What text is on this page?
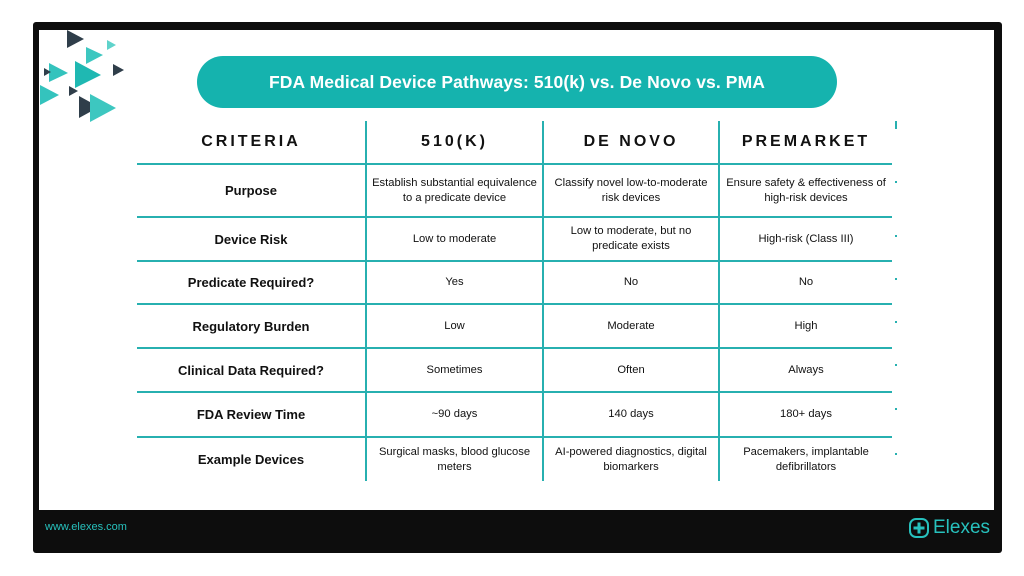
FDA Medical Device Pathways: 510(k) vs. De Novo vs. PMA
CRITERIA	510(K)	DE NOVO	PREMARKET
Purpose	Establish substantial equivalence to a predicate device	Classify novel low-to-moderate risk devices	Ensure safety & effectiveness of high-risk devices
Device Risk	Low to moderate	Low to moderate, but no predicate exists	High-risk (Class III)
Predicate Required?	Yes	No	No
Regulatory Burden	Low	Moderate	High
Clinical Data Required?	Sometimes	Often	Always
FDA Review Time	~90 days	140 days	180+ days
Example Devices	Surgical masks, blood glucose meters	AI-powered diagnostics, digital biomarkers	Pacemakers, implantable defibrillators
www.elexes.com	Elexes
